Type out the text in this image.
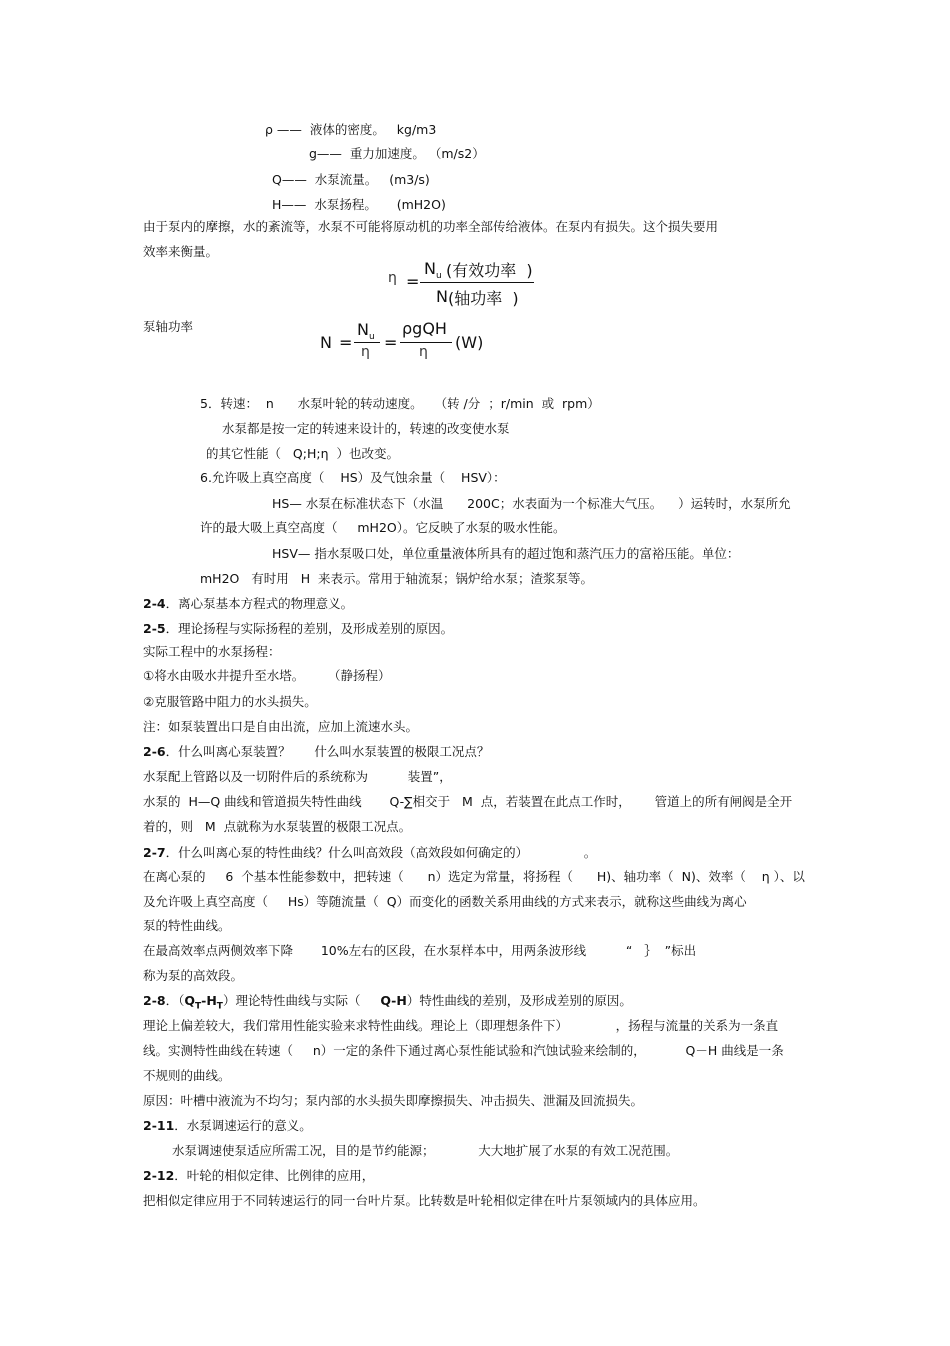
ρ ——  液体的密度。   kg/m3
g——  重力加速度。 （m/s2）
Q——  水泵流量。   (m3/s)
H——  水泵扬程。     (mH2O)
由于泵内的摩擦，水的紊流等，水泵不可能将原动机的功率全部传给液体。在泵内有损失。这个损失要用
效率来衡量。
η =
$N_u$ (有效功率  )
N (轴功率  )
泵轴功率
N =
$N_u$
η =
ρgQH
η (W)
5．转速：  n      水泵叶轮的转动速度。   （转 /分  ；r/min  或  rpm）
水泵都是按一定的转速来设计的，转速的改变使水泵
的其它性能（   Q;H;η  ）也改变。
6.允许吸上真空高度（    HS）及气蚀余量（    HSV）：
HS— 水泵在标准状态下（水温      200C；水表面为一个标准大气压。    ）运转时，水泵所允
许的最大吸上真空高度（     mH2O）。它反映了水泵的吸水性能。
HSV— 指水泵吸口处，单位重量液体所具有的超过饱和蒸汽压力的富裕压能。单位：
mH2O   有时用   H  来表示。常用于轴流泵；锅炉给水泵；渣浆泵等。
2-4．离心泵基本方程式的物理意义。
2-5．理论扬程与实际扬程的差别，及形成差别的原因。
实际工程中的水泵扬程：
①将水由吸水井提升至水塔。      （静扬程）
②克服管路中阻力的水头损失。
注：如泵装置出口是自由出流，应加上流速水头。
2-6．什么叫离心泵装置？      什么叫水泵装置的极限工况点？
水泵配上管路以及一切附件后的系统称为          装置”，
水泵的  H—Q 曲线和管道损失特性曲线       Q-∑相交于   M  点，若装置在此点工作时，      管道上的所有闸阀是全开
着的，则   M  点就称为水泵装置的极限工况点。
2-7．什么叫离心泵的特性曲线？什么叫高效段（高效段如何确定的）              。
在离心泵的     6  个基本性能参数中，把转速（      n）选定为常量，将扬程（      H)、轴功率（  N)、效率（    η ）、以
及允许吸上真空高度（     Hs）等随流量（  Q）而变化的函数关系用曲线的方式来表示，就称这些曲线为离心
泵的特性曲线。
在最高效率点两侧效率下降       10%左右的区段，在水泵样本中，用两条波形线          “   ｝  ”标出
称为泵的高效段。
2-8．$(Q_T-H_T)$理论特性曲线与实际（     Q-H）特性曲线的差别，及形成差别的原因。
理论上偏差较大，我们常用性能实验来求特性曲线。理论上（即理想条件下）            ，扬程与流量的关系为一条直
线。实测特性曲线在转速（     n）一定的条件下通过离心泵性能试验和汽蚀试验来绘制的，          Q－H 曲线是一条
不规则的曲线。
原因：叶槽中液流为不均匀；泵内部的水头损失即摩擦损失、冲击损失、泄漏及回流损失。
2-11．水泵调速运行的意义。
水泵调速使泵适应所需工况，目的是节约能源；           大大地扩展了水泵的有效工况范围。
2-12．叶轮的相似定律、比例律的应用，
把相似定律应用于不同转速运行的同一台叶片泵。比转数是叶轮相似定律在叶片泵领域内的具体应用。
